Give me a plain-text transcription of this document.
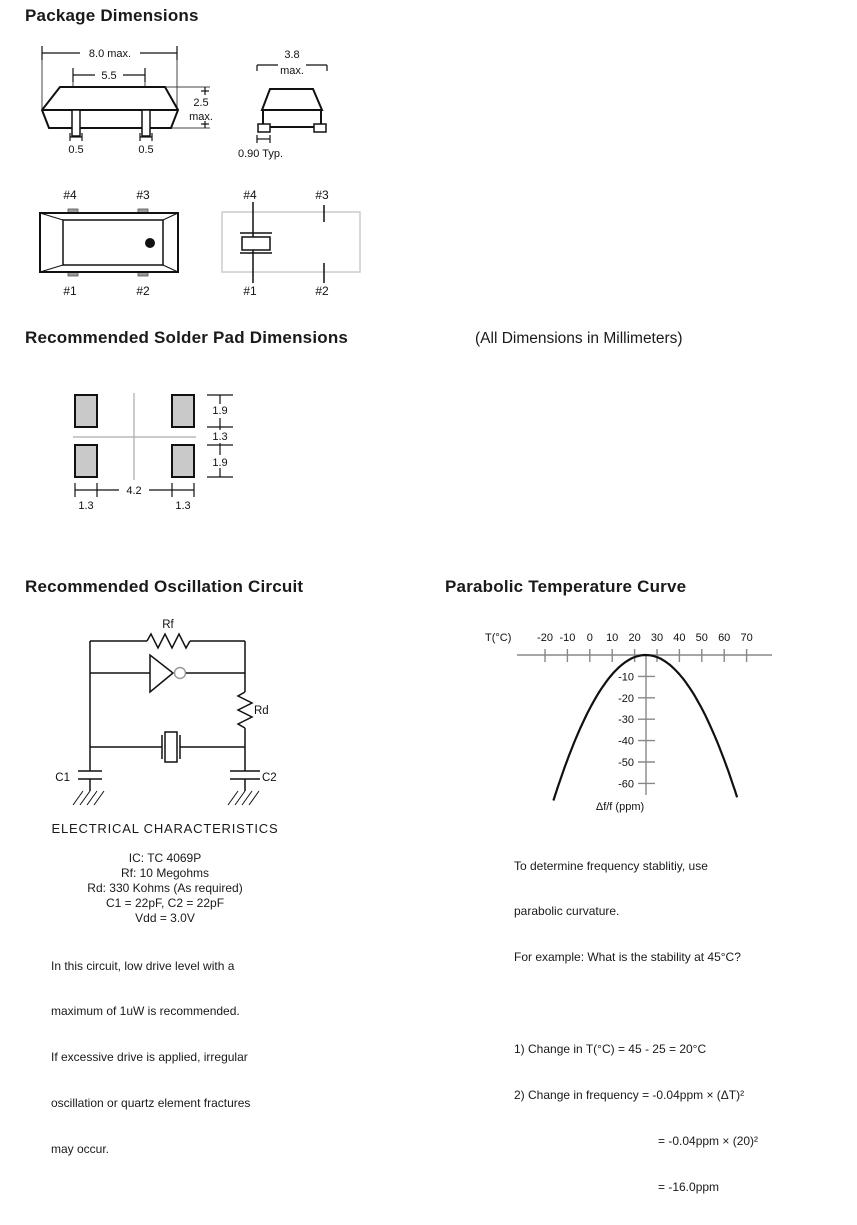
Package Dimensions
8.0 max.
5.5
0.5	0.5
2.5
max.
3.8
max.
0.90 Typ.
#4	#3
#1	#2
#4	#3
#1	#2
Recommended Solder Pad Dimensions	(All Dimensions in Millimeters)
1.9
1.3
1.9
4.2
1.3	1.3
Recommended Oscillation Circuit	Parabolic Temperature Curve
Rf
Rd
C1	C2
ELECTRICAL CHARACTERISTICS
IC: TC 4069P
Rf: 10 Megohms
Rd: 330 Kohms (As required)
C1 = 22pF, C2 = 22pF
Vdd = 3.0V

In this circuit, low drive level with a

maximum of 1uW is recommended.

If excessive drive is applied, irregular

oscillation or quartz element fractures

may occur.

T(°C) -20 -10 0 10 20 30 40 50 60 70
-10
-20
-30
-40
-50
-60
Δf/f (ppm)

To determine frequency stablitiy, use

parabolic curvature.

For example: What is the stability at 45°C?

1) Change in T(°C) = 45 - 25 = 20°C

2) Change in frequency = -0.04ppm × (ΔT)²

= -0.04ppm × (20)²

= -16.0ppm
